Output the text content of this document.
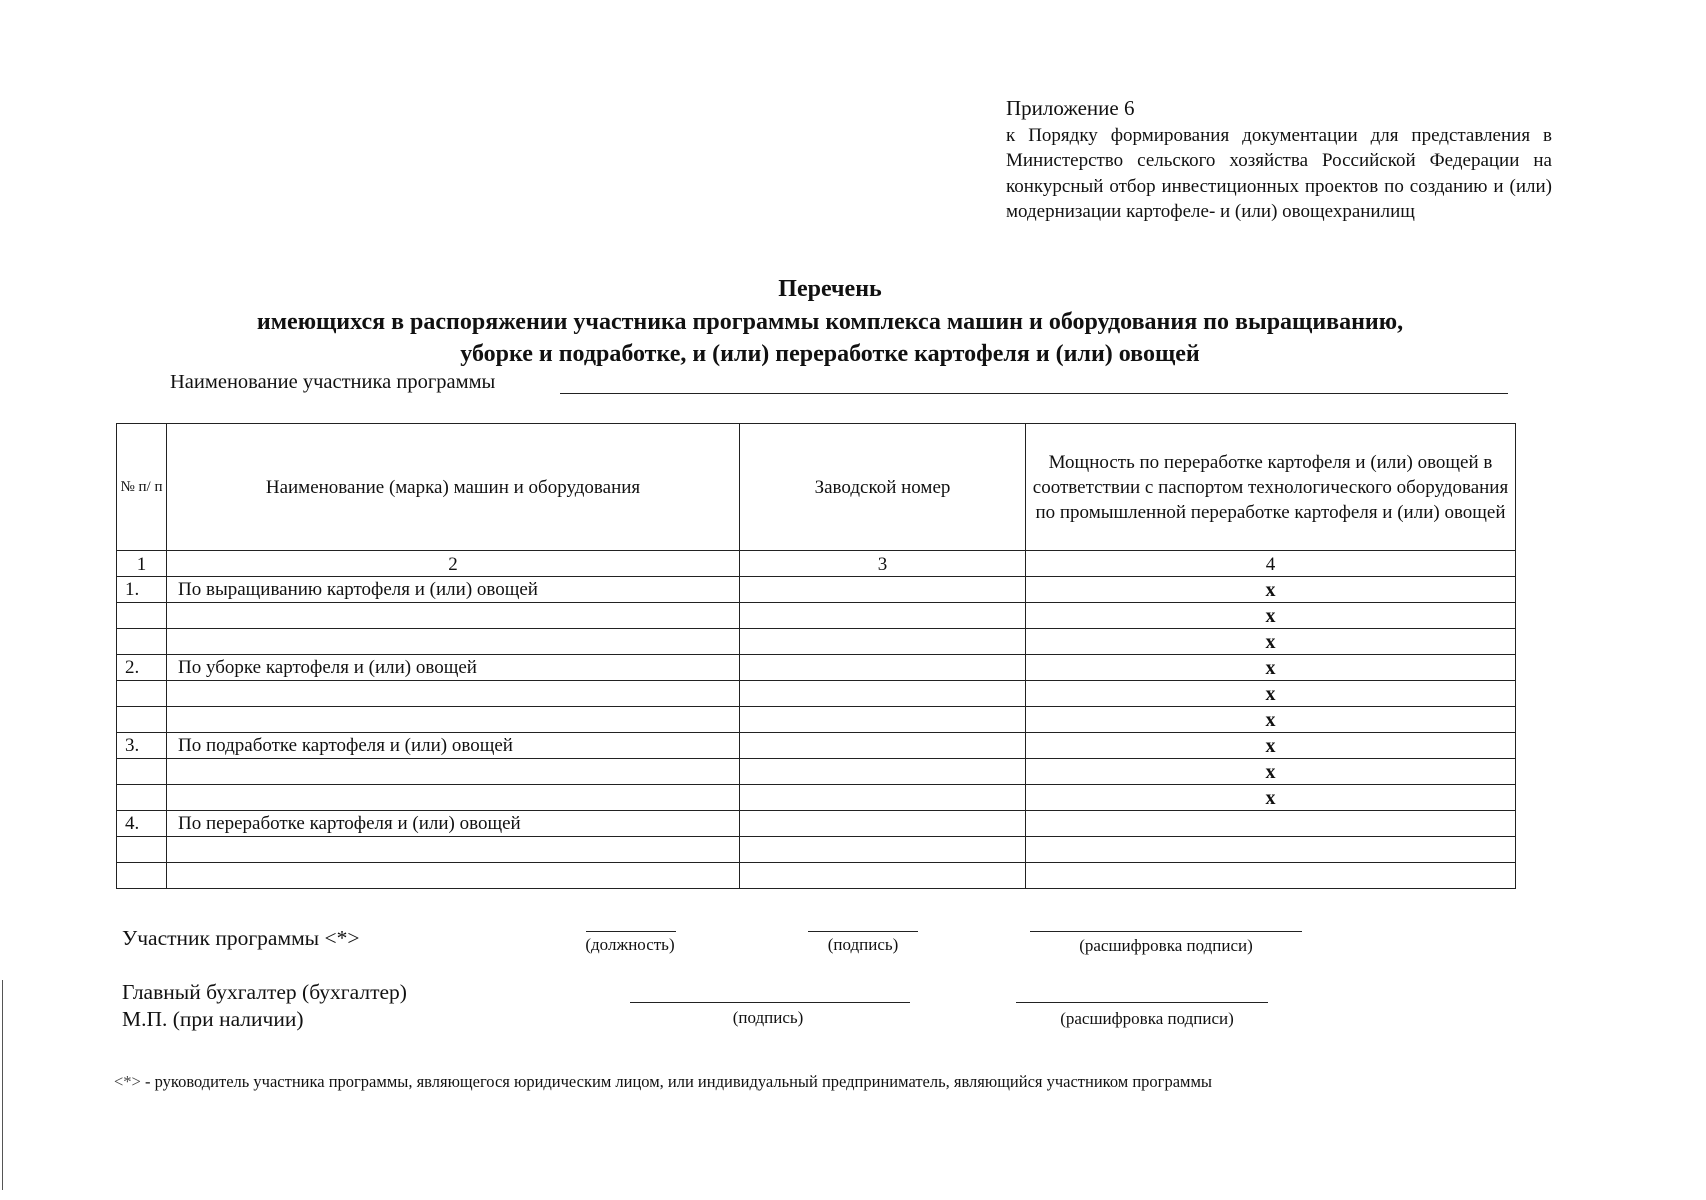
Приложение 6
к Порядку формирования документации для представления в Министерство сельского хозяйства Российской Федерации на конкурсный отбор инвестиционных проектов по созданию и (или) модернизации картофеле- и (или) овощехранилищ
Перечень
имеющихся в распоряжении участника программы комплекса машин и оборудования по выращиванию,
уборке и подработке, и (или) переработке картофеля и (или) овощей
Наименование участника программы
№ п/ п	Наименование (марка) машин и оборудования	Заводской номер	Мощность по переработке картофеля и (или) овощей в соответствии с паспортом технологического оборудования по промышленной переработке картофеля и (или) овощей
1	2	3	4
1.	По выращиванию картофеля и (или) овощей		x
			x
			x
2.	По уборке картофеля и (или) овощей		x
			x
			x
3.	По подработке картофеля и (или) овощей		x
			x
			x
4.	По переработке картофеля и (или) овощей		

Участник программы <*>	(должность)	(подпись)	(расшифровка подписи)
Главный бухгалтер (бухгалтер)
М.П. (при наличии)	(подпись)	(расшифровка подписи)
<*> - руководитель участника программы, являющегося юридическим лицом, или индивидуальный предприниматель, являющийся участником программы
